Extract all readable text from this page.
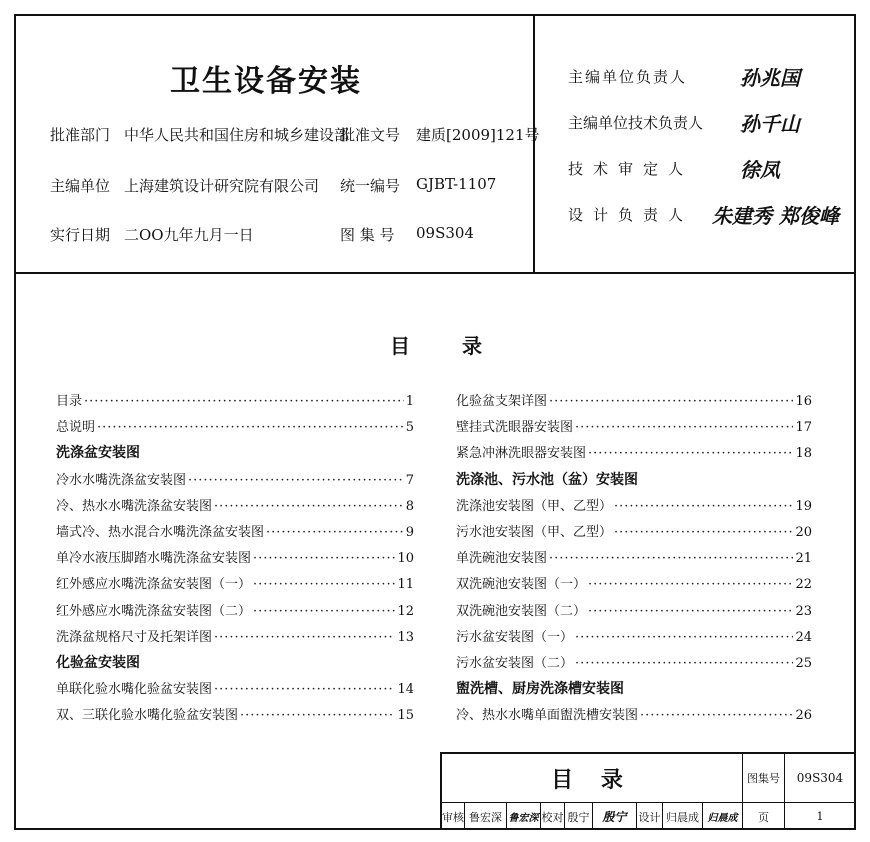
卫生设备安装
批准部门 中华人民共和国住房和城乡建设部
批准文号 建质[2009]121号
主编单位 上海建筑设计研究院有限公司 统一编号 GJBT-1107
实行日期 二OO九年九月一日	图 集 号 09S304
主编单位负责人	孙兆国
主编单位技术负责人 孙千山
技术审定人 徐凤
设计负责人 朱建秀 郑俊峰
目	录
目录 ·····	1
总说明 ·····	5
洗涤盆安装图
冷水水嘴洗涤盆安装图 ·····	7
冷、热水水嘴洗涤盆安装图 ·····	8
墙式冷、热水混合水嘴洗涤盆安装图 ·····	9
单冷水液压脚踏水嘴洗涤盆安装图 ·····	10
红外感应水嘴洗涤盆安装图（一） ·····	11
红外感应水嘴洗涤盆安装图（二） ·····	12
洗涤盆规格尺寸及托架详图 ·····	13
化验盆安装图
单联化验水嘴化验盆安装图 ·····	14
双、三联化验水嘴化验盆安装图 ·····	15
化验盆支架详图 ·····	16
壁挂式洗眼器安装图 ·····	17
紧急冲淋洗眼器安装图 ·····	18
洗涤池、污水池（盆）安装图
洗涤池安装图（甲、乙型） ·····	19
污水池安装图（甲、乙型） ·····	20
单洗碗池安装图 ·····	21
双洗碗池安装图（一） ·····	22
双洗碗池安装图（二） ·····	23
污水盆安装图（一） ·····	24
污水盆安装图（二） ·····	25
盥洗槽、厨房洗涤槽安装图
冷、热水水嘴单面盥洗槽安装图 ·····	26
目 录	图集号	09S304
审核 鲁宏深 鲁宏深 校对 殷宁	殷宁	设计 归晨成 归晨成	页	1
